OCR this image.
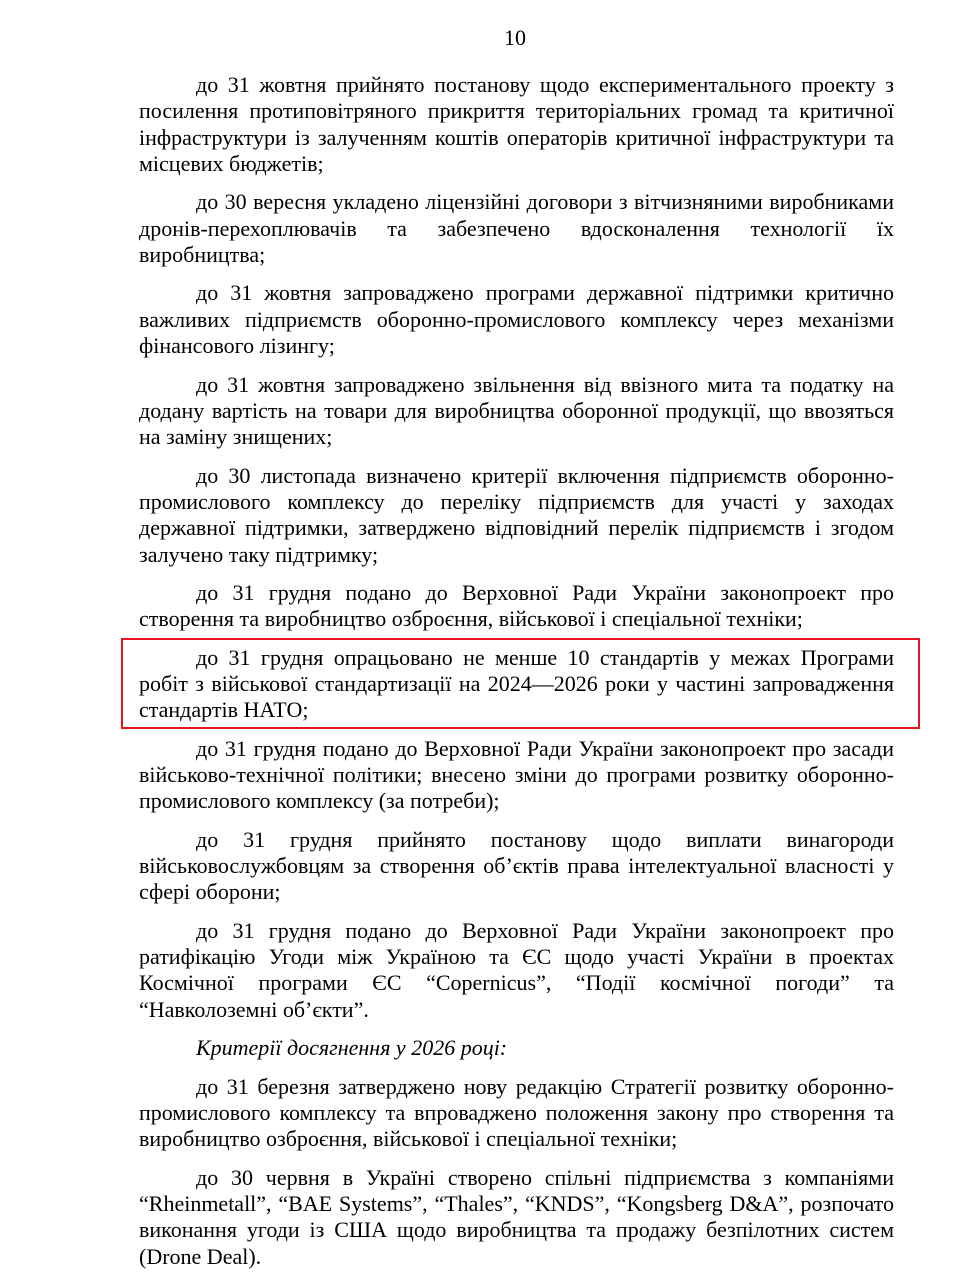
10

до 31 жовтня прийнято постанову щодо експериментального проекту з посилення протиповітряного прикриття територіальних громад та критичної інфраструктури із залученням коштів операторів критичної інфраструктури та місцевих бюджетів;

до 30 вересня укладено ліцензійні договори з вітчизняними виробниками дронів-перехоплювачів та забезпечено вдосконалення технології їх виробництва;

до 31 жовтня запроваджено програми державної підтримки критично важливих підприємств оборонно-промислового комплексу через механізми фінансового лізингу;

до 31 жовтня запроваджено звільнення від ввізного мита та податку на додану вартість на товари для виробництва оборонної продукції, що ввозяться на заміну знищених;

до 30 листопада визначено критерії включення підприємств оборонно-промислового комплексу до переліку підприємств для участі у заходах державної підтримки, затверджено відповідний перелік підприємств і згодом залучено таку підтримку;

до 31 грудня подано до Верховної Ради України законопроект про створення та виробництво озброєння, військової і спеціальної техніки;

до 31 грудня опрацьовано не менше 10 стандартів у межах Програми робіт з військової стандартизації на 2024—2026 роки у частині запровадження стандартів НАТО;

до 31 грудня подано до Верховної Ради України законопроект про засади військово-технічної політики; внесено зміни до програми розвитку оборонно-промислового комплексу (за потреби);

до 31 грудня прийнято постанову щодо виплати винагороди військовослужбовцям за створення об’єктів права інтелектуальної власності у сфері оборони;

до 31 грудня подано до Верховної Ради України законопроект про ратифікацію Угоди між Україною та ЄС щодо участі України в проектах Космічної програми ЄС “Copernicus”, “Події космічної погоди” та “Навколоземні об’єкти”.

Критерії досягнення у 2026 році:

до 31 березня затверджено нову редакцію Стратегії розвитку оборонно-промислового комплексу та впроваджено положення закону про створення та виробництво озброєння, військової і спеціальної техніки;

до 30 червня в Україні створено спільні підприємства з компаніями “Rheinmetall”, “BAE Systems”, “Thales”, “KNDS”, “Kongsberg D&A”, розпочато виконання угоди із США щодо виробництва та продажу безпілотних систем (Drone Deal).
